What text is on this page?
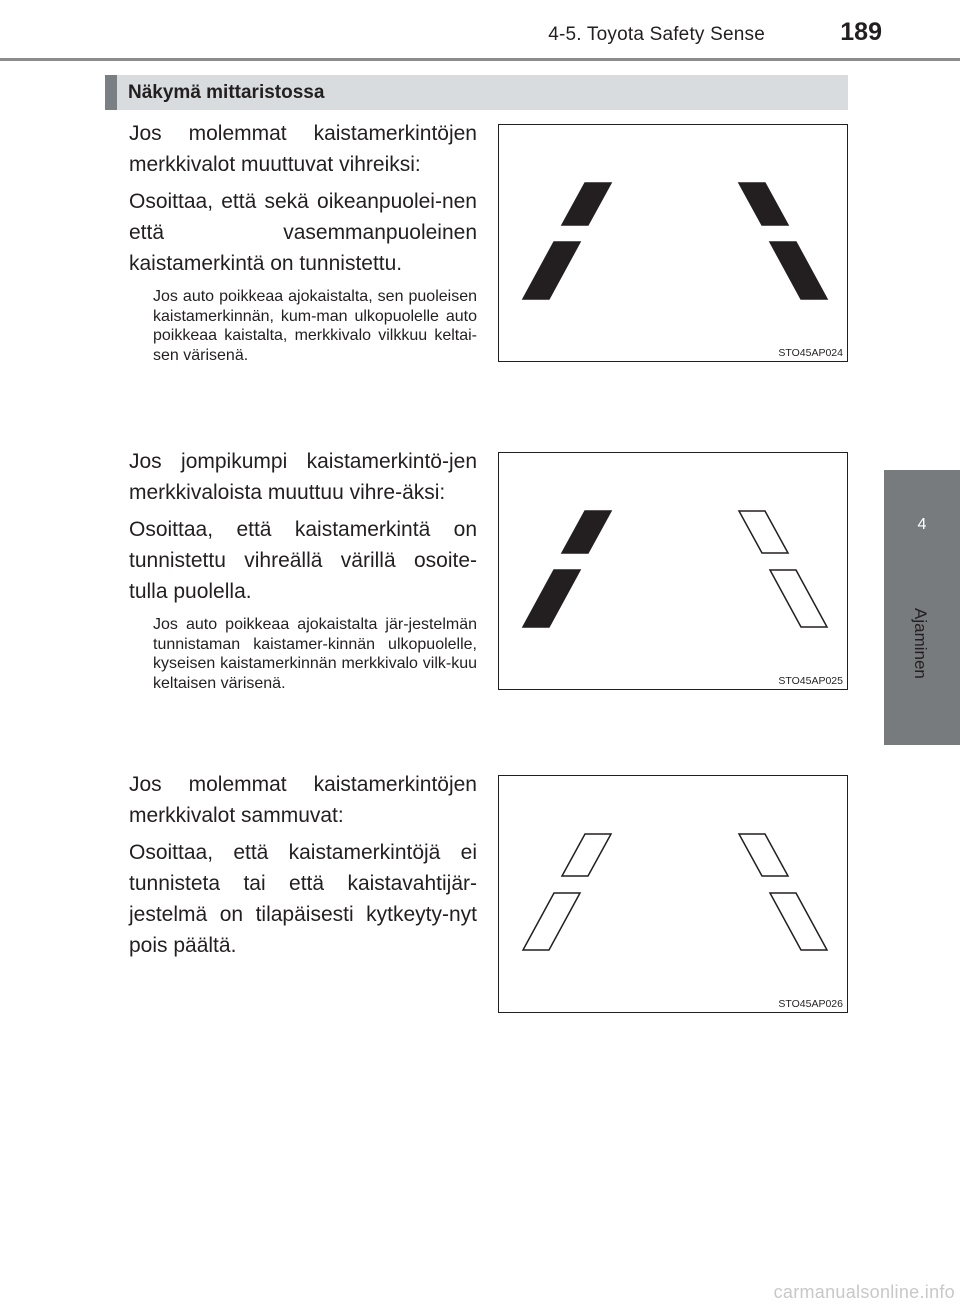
4-5. Toyota Safety Sense	189
4
Ajaminen
Näkymä mittaristossa

Jos molemmat kaistamerkintöjen merkkivalot muuttuvat vihreiksi:

Osoittaa, että sekä oikeanpuolei-nen että vasemmanpuoleinen kaistamerkintä on tunnistettu.

Jos auto poikkeaa ajokaistalta, sen puoleisen kaistamerkinnän, kum-man ulkopuolelle auto poikkeaa kaistalta, merkkivalo vilkkuu keltai-sen värisenä.	STO45AP024

Jos jompikumpi kaistamerkintö-jen merkkivaloista muuttuu vihre-äksi:

Osoittaa, että kaistamerkintä on tunnistettu vihreällä värillä osoite-tulla puolella.

Jos auto poikkeaa ajokaistalta jär-jestelmän tunnistaman kaistamer-kinnän ulkopuolelle, kyseisen kaistamerkinnän merkkivalo vilk-kuu keltaisen värisenä.	STO45AP025

Jos molemmat kaistamerkintöjen merkkivalot sammuvat:

Osoittaa, että kaistamerkintöjä ei tunnisteta tai että kaistavahtijär-jestelmä on tilapäisesti kytkeyty-nyt pois päältä.

STO45AP026
carmanualsonline.info
